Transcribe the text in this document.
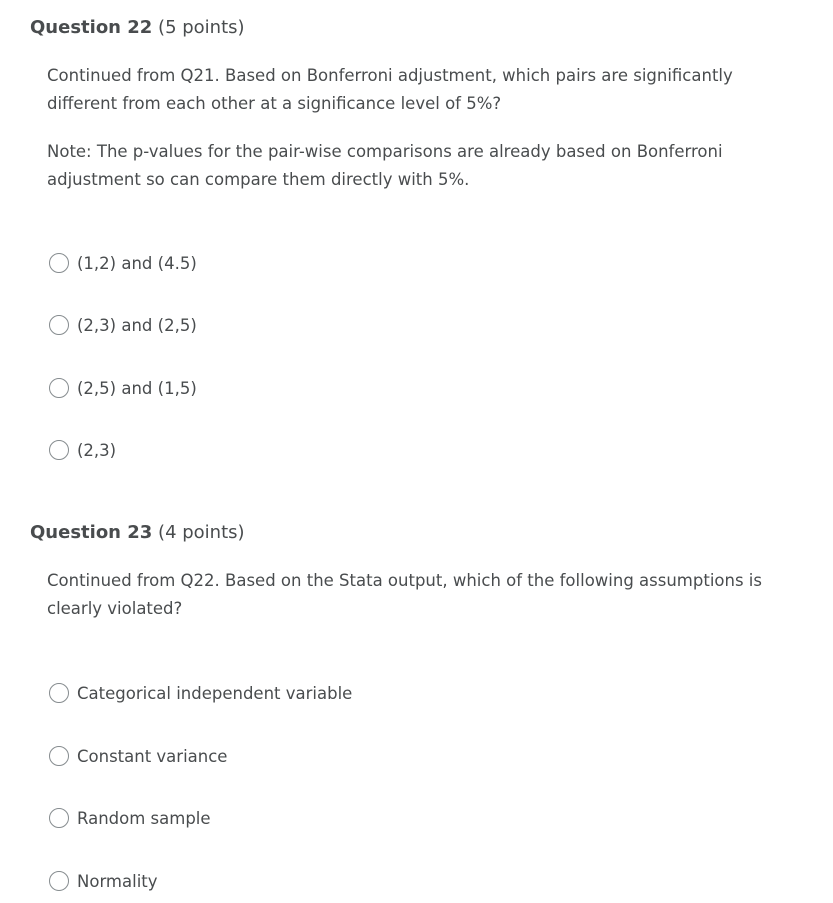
Question 22 (5 points)

Continued from Q21. Based on Bonferroni adjustment, which pairs are significantly different from each other at a significance level of 5%?

Note: The p-values for the pair-wise comparisons are already based on Bonferroni adjustment so can compare them directly with 5%.

(1,2) and (4.5)
(2,3) and (2,5)
(2,5) and (1,5)
(2,3)
Question 23 (4 points)

Continued from Q22. Based on the Stata output, which of the following assumptions is clearly violated?

Categorical independent variable
Constant variance
Random sample
Normality
